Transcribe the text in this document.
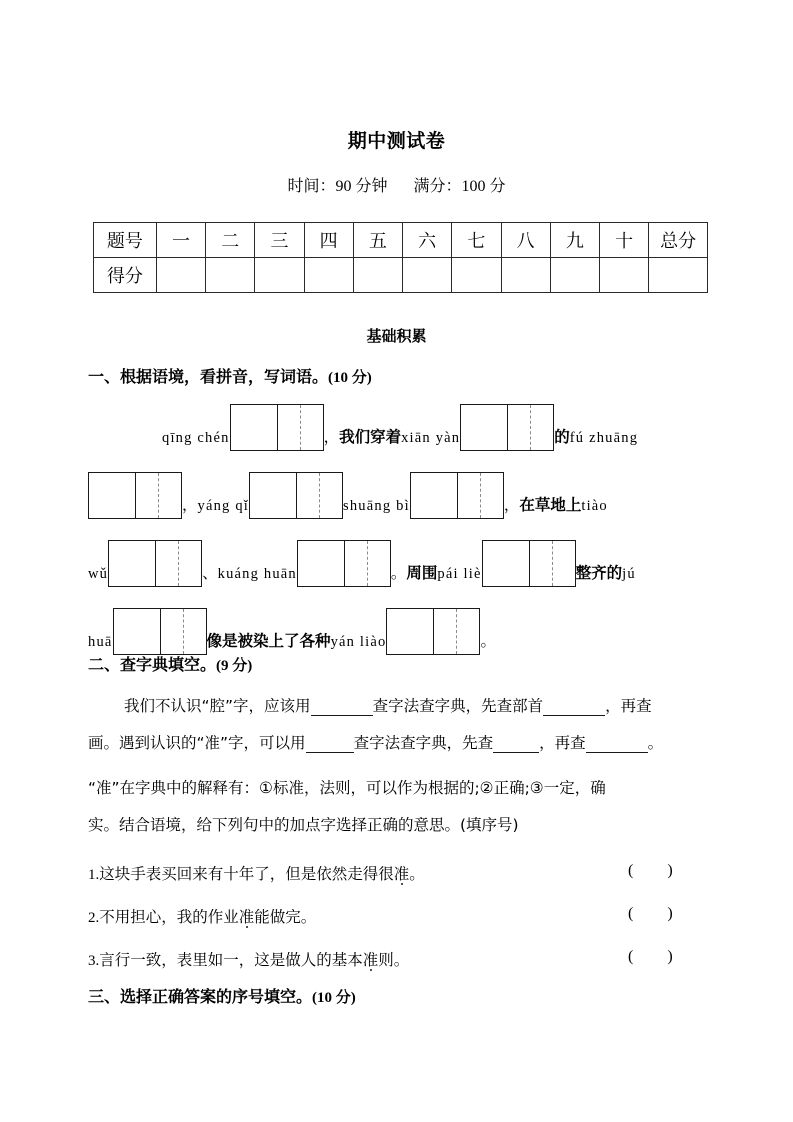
期中测试卷
时间：90 分钟 满分：100 分
题号	一	二	三	四	五	六	七	八	九	十	总分
得分											
基础积累
一、根据语境，看拼音，写词语。(10 分)
qīng chén	，我们穿着xiān yàn	的fú zhuāng
，yáng qǐ	shuāng bì	，在草地上tiào
wǔ	、kuáng huān	。周围pái liè	整齐的jú
huā	像是被染上了各种yán liào	。
二、查字典填空。(9 分)
我们不认识“腔”字，应该用	查字法查字典，先查部首	，再查
画。遇到认识的“准”字，可以用	查字法查字典，先查	，再查	。
“准”在字典中的解释有：①标准，法则，可以作为根据的;②正确;③一定，确
实。结合语境，给下列句中的加点字选择正确的意思。(填序号)
1.这块手表买回来有十年了，但是依然走得很准。	( )
2.不用担心，我的作业准能做完。	( )
3.言行一致，表里如一，这是做人的基本准则。	( )
三、选择正确答案的序号填空。(10 分)
